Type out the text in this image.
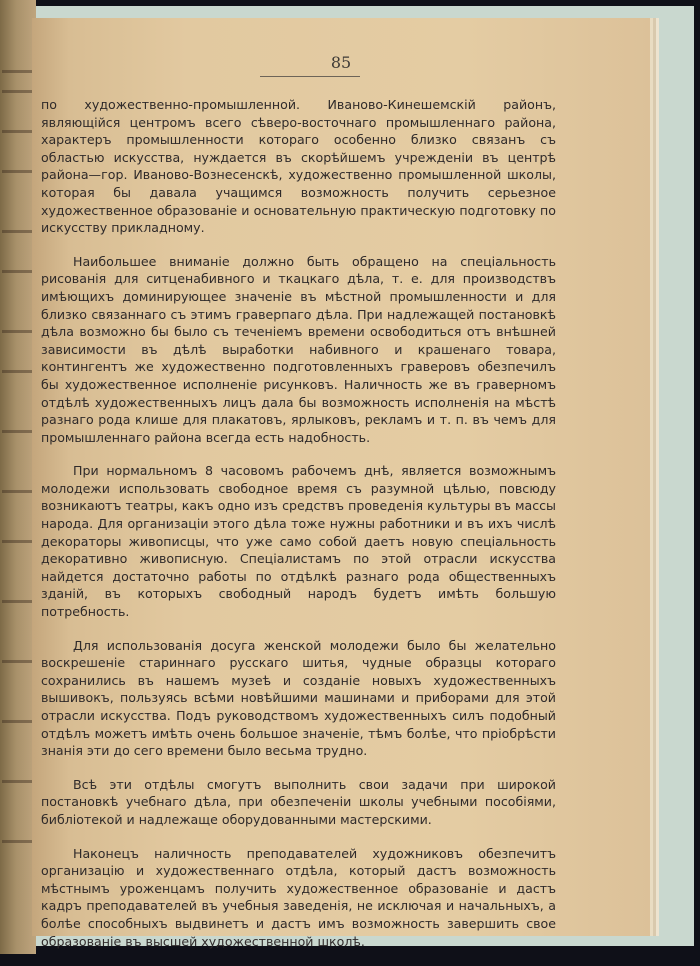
85

по художественно-промышленной. Иваново-Кинешемскій районъ, являющійся центромъ всего сѣверо-восточнаго промышленнаго района, характеръ промышленности котораго особенно близко связанъ съ областью искусства, нуждается въ скорѣйшемъ учрежденіи въ центрѣ района—гор. Иваново-Вознесенскѣ, художественно промышленной школы, которая бы давала учащимся возможность получить серьезное художественное образованіе и основательную практическую подготовку по искусству прикладному.

Наибольшее вниманіе должно быть обращено на спеціальность рисованія для ситценабивного и ткацкаго дѣла, т. е. для производствъ имѣющихъ доминирующее значеніе въ мѣстной промышленности и для близко связаннаго съ этимъ граверпаго дѣла. При надлежащей постановкѣ дѣла возможно бы было съ теченіемъ времени освободиться отъ внѣшней зависимости въ дѣлѣ выработки набивного и крашенаго товара, контингентъ же художественно подготовленныхъ граверовъ обезпечилъ бы художественное исполненіе рисунковъ. Наличность же въ граверномъ отдѣлѣ художественныхъ лицъ дала бы возможность исполненія на мѣстѣ разнаго рода клише для плакатовъ, ярлыковъ, рекламъ и т. п. въ чемъ для промышленнаго района всегда есть надобность.

При нормальномъ 8 часовомъ рабочемъ днѣ, является возможнымъ молодежи использовать свободное время съ разумной цѣлью, повсюду возникаютъ театры, какъ одно изъ средствъ проведенія культуры въ массы народа. Для организаціи этого дѣла тоже нужны работники и въ ихъ числѣ декораторы живописцы, что уже само собой даетъ новую спеціальность декоративно живописную. Спеціалистамъ по этой отрасли искусства найдется достаточно работы по отдѣлкѣ разнаго рода общественныхъ зданій, въ которыхъ свободный народъ будетъ имѣть большую потребность.

Для использованія досуга женской молодежи было бы желательно воскрешеніе стариннаго русскаго шитья, чудные образцы котораго сохранились въ нашемъ музеѣ и созданіе новыхъ художественныхъ вышивокъ, пользуясь всѣми новѣйшими машинами и приборами для этой отрасли искусства. Подъ руководствомъ художественныхъ силъ подобный отдѣлъ можетъ имѣть очень большое значеніе, тѣмъ болѣе, что пріобрѣсти знанія эти до сего времени было весьма трудно.

Всѣ эти отдѣлы смогутъ выполнить свои задачи при широкой постановкѣ учебнаго дѣла, при обезпеченіи школы учебными пособіями, библіотекой и надлежаще оборудованными мастерскими.

Наконецъ наличность преподавателей художниковъ обезпечитъ организацію и художественнаго отдѣла, который дастъ возможность мѣстнымъ уроженцамъ получить художественное образованіе и дастъ кадръ преподавателей въ учебныя заведенія, не исключая и начальныхъ, а болѣе способныхъ выдвинетъ и дастъ имъ возможность завершить свое образованіе въ высшей художественной школѣ.
